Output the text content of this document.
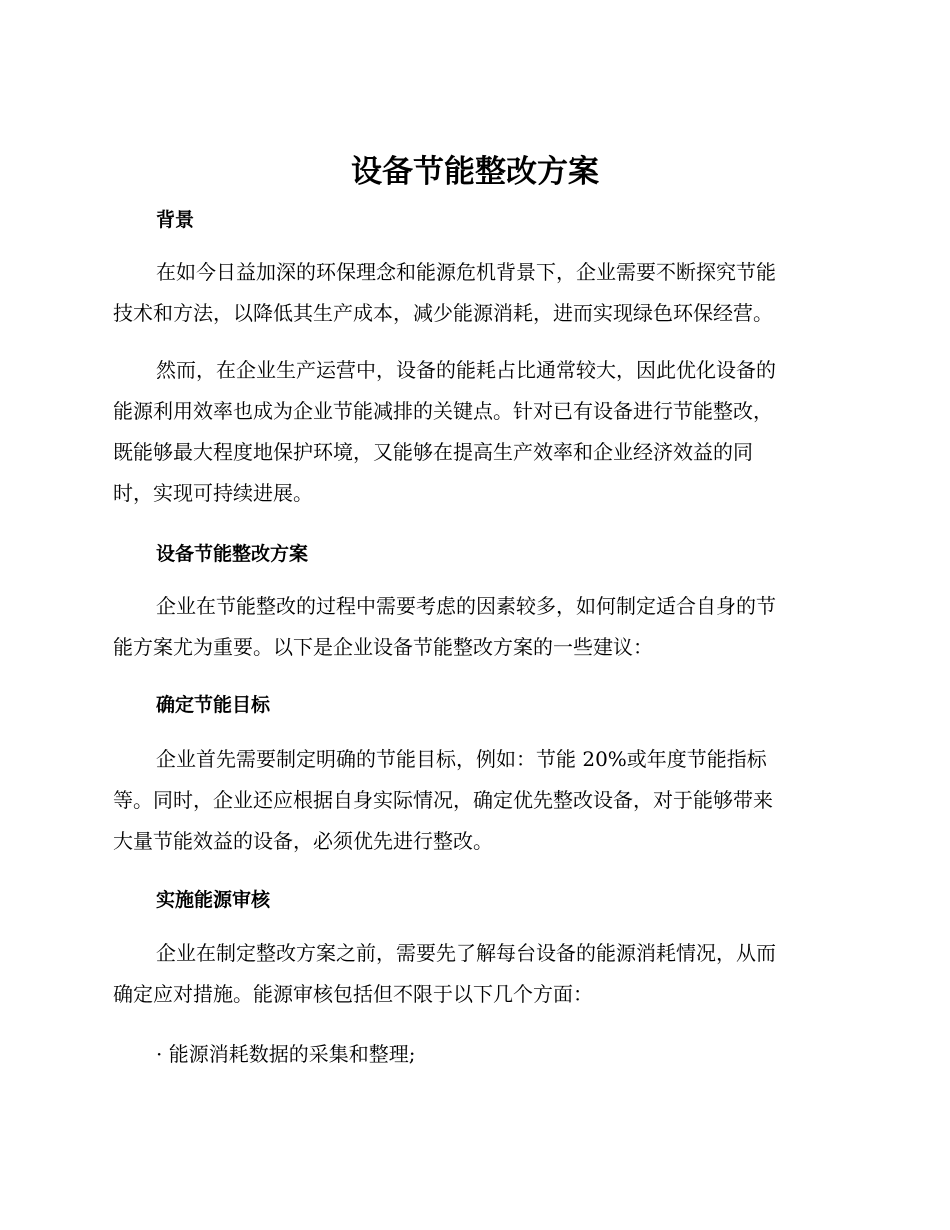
设备节能整改方案
背景
在如今日益加深的环保理念和能源危机背景下，企业需要不断探究节能
技术和方法，以降低其生产成本，减少能源消耗，进而实现绿色环保经营。
然而，在企业生产运营中，设备的能耗占比通常较大，因此优化设备的
能源利用效率也成为企业节能减排的关键点。针对已有设备进行节能整改，
既能够最大程度地保护环境，又能够在提高生产效率和企业经济效益的同
时，实现可持续进展。
设备节能整改方案
企业在节能整改的过程中需要考虑的因素较多，如何制定适合自身的节
能方案尤为重要。以下是企业设备节能整改方案的一些建议：
确定节能目标
企业首先需要制定明确的节能目标，例如：节能 20%或年度节能指标
等。同时，企业还应根据自身实际情况，确定优先整改设备，对于能够带来
大量节能效益的设备，必须优先进行整改。
实施能源审核
企业在制定整改方案之前，需要先了解每台设备的能源消耗情况，从而
确定应对措施。能源审核包括但不限于以下几个方面：
· 能源消耗数据的采集和整理;
